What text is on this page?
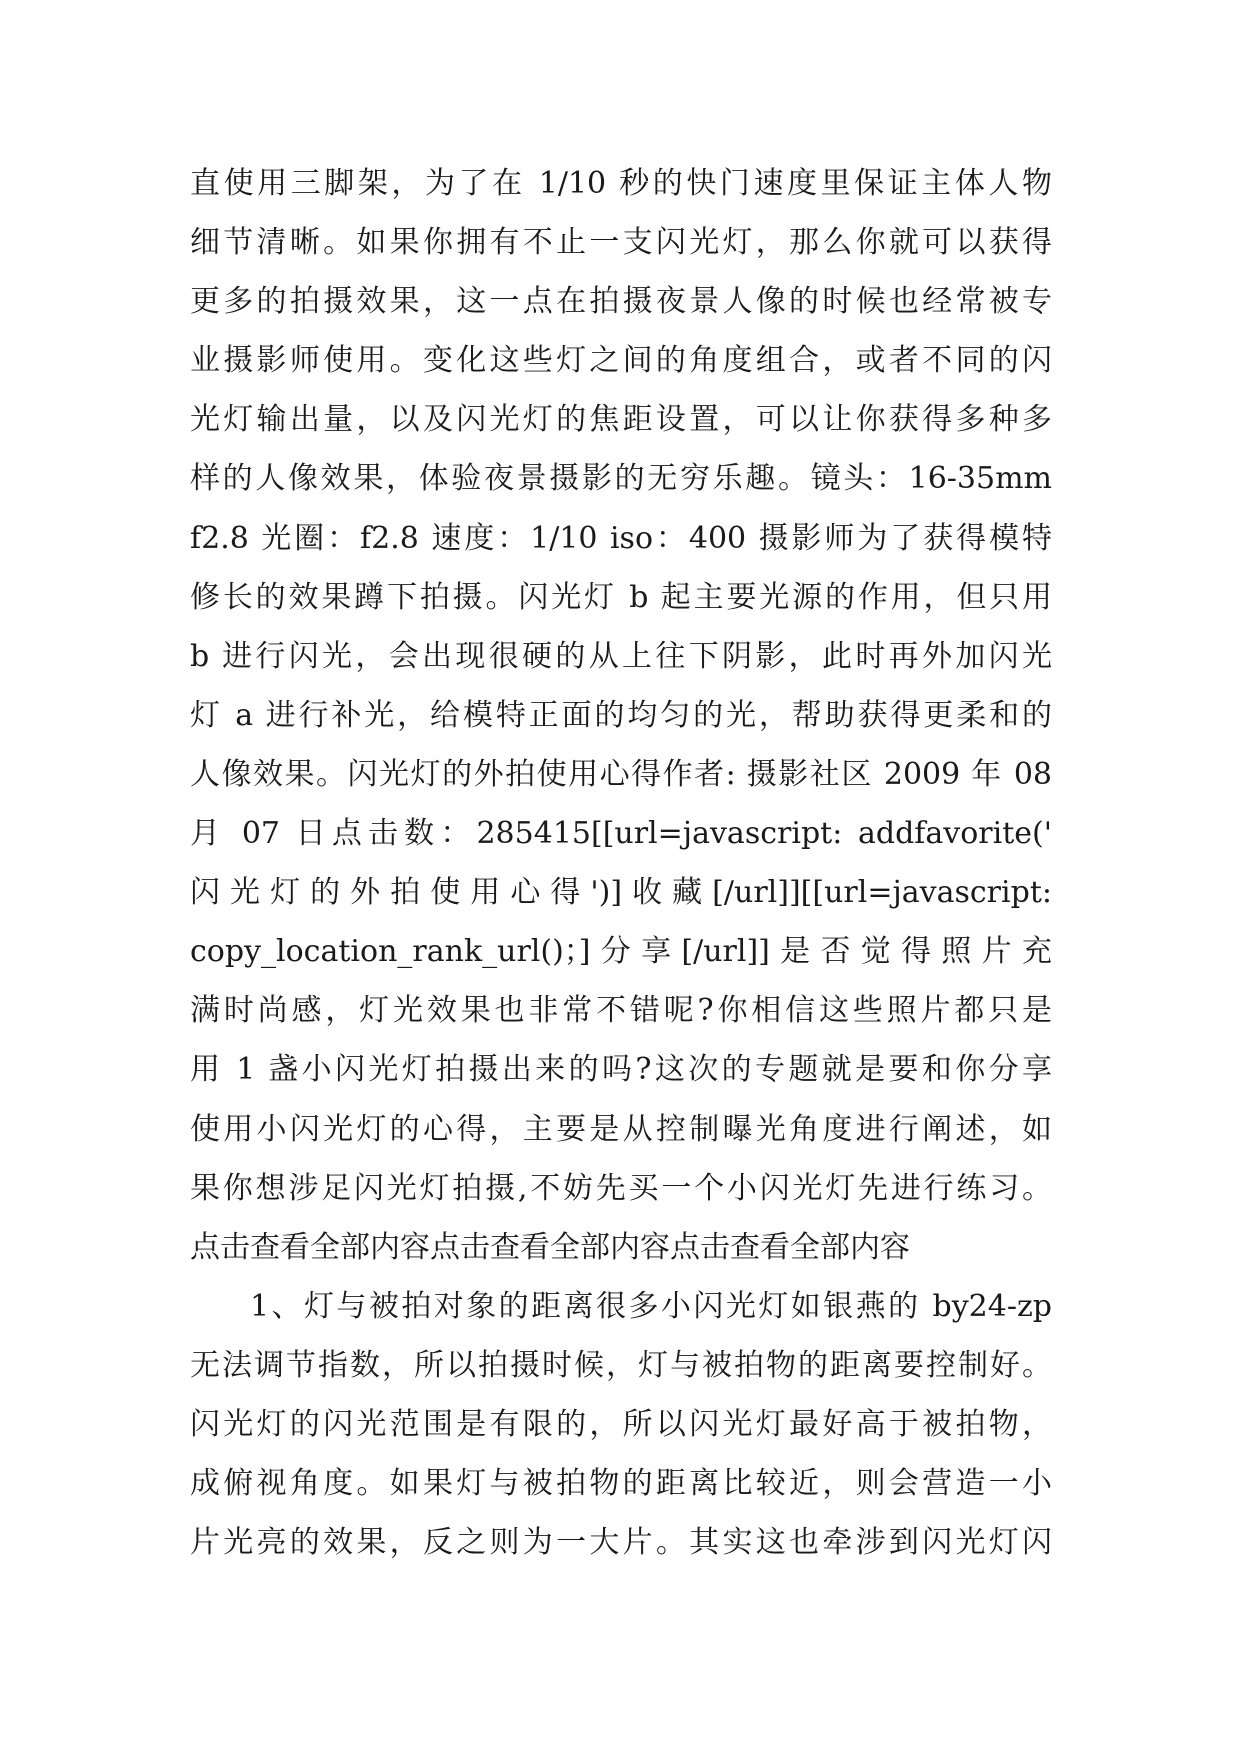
直使用三脚架，为了在 1/10 秒的快门速度里保证主体人物
细节清晰。如果你拥有不止一支闪光灯，那么你就可以获得
更多的拍摄效果，这一点在拍摄夜景人像的时候也经常被专
业摄影师使用。变化这些灯之间的角度组合，或者不同的闪
光灯输出量，以及闪光灯的焦距设置，可以让你获得多种多
样的人像效果，体验夜景摄影的无穷乐趣。镜头：16-35mm
f2.8 光圈：f2.8 速度：1/10 iso：400 摄影师为了获得模特
修长的效果蹲下拍摄。闪光灯 b 起主要光源的作用，但只用
b 进行闪光，会出现很硬的从上往下阴影，此时再外加闪光
灯 a 进行补光，给模特正面的均匀的光，帮助获得更柔和的
人像效果。闪光灯的外拍使用心得作者: 摄影社区 2009 年 08
月 07 日点击数：285415[[url=javascript: addfavorite('
闪光灯的外拍使用心得')]收藏[/url]][[url=javascript:
copy_location_rank_url()；]分享[/url]]是否觉得照片充
满时尚感，灯光效果也非常不错呢?你相信这些照片都只是
用 1 盏小闪光灯拍摄出来的吗?这次的专题就是要和你分享
使用小闪光灯的心得，主要是从控制曝光角度进行阐述，如
果你想涉足闪光灯拍摄,不妨先买一个小闪光灯先进行练习。
点击查看全部内容点击查看全部内容点击查看全部内容
1、灯与被拍对象的距离很多小闪光灯如银燕的 by24-zp
无法调节指数，所以拍摄时候，灯与被拍物的距离要控制好。
闪光灯的闪光范围是有限的，所以闪光灯最好高于被拍物，
成俯视角度。如果灯与被拍物的距离比较近，则会营造一小
片光亮的效果，反之则为一大片。其实这也牵涉到闪光灯闪
